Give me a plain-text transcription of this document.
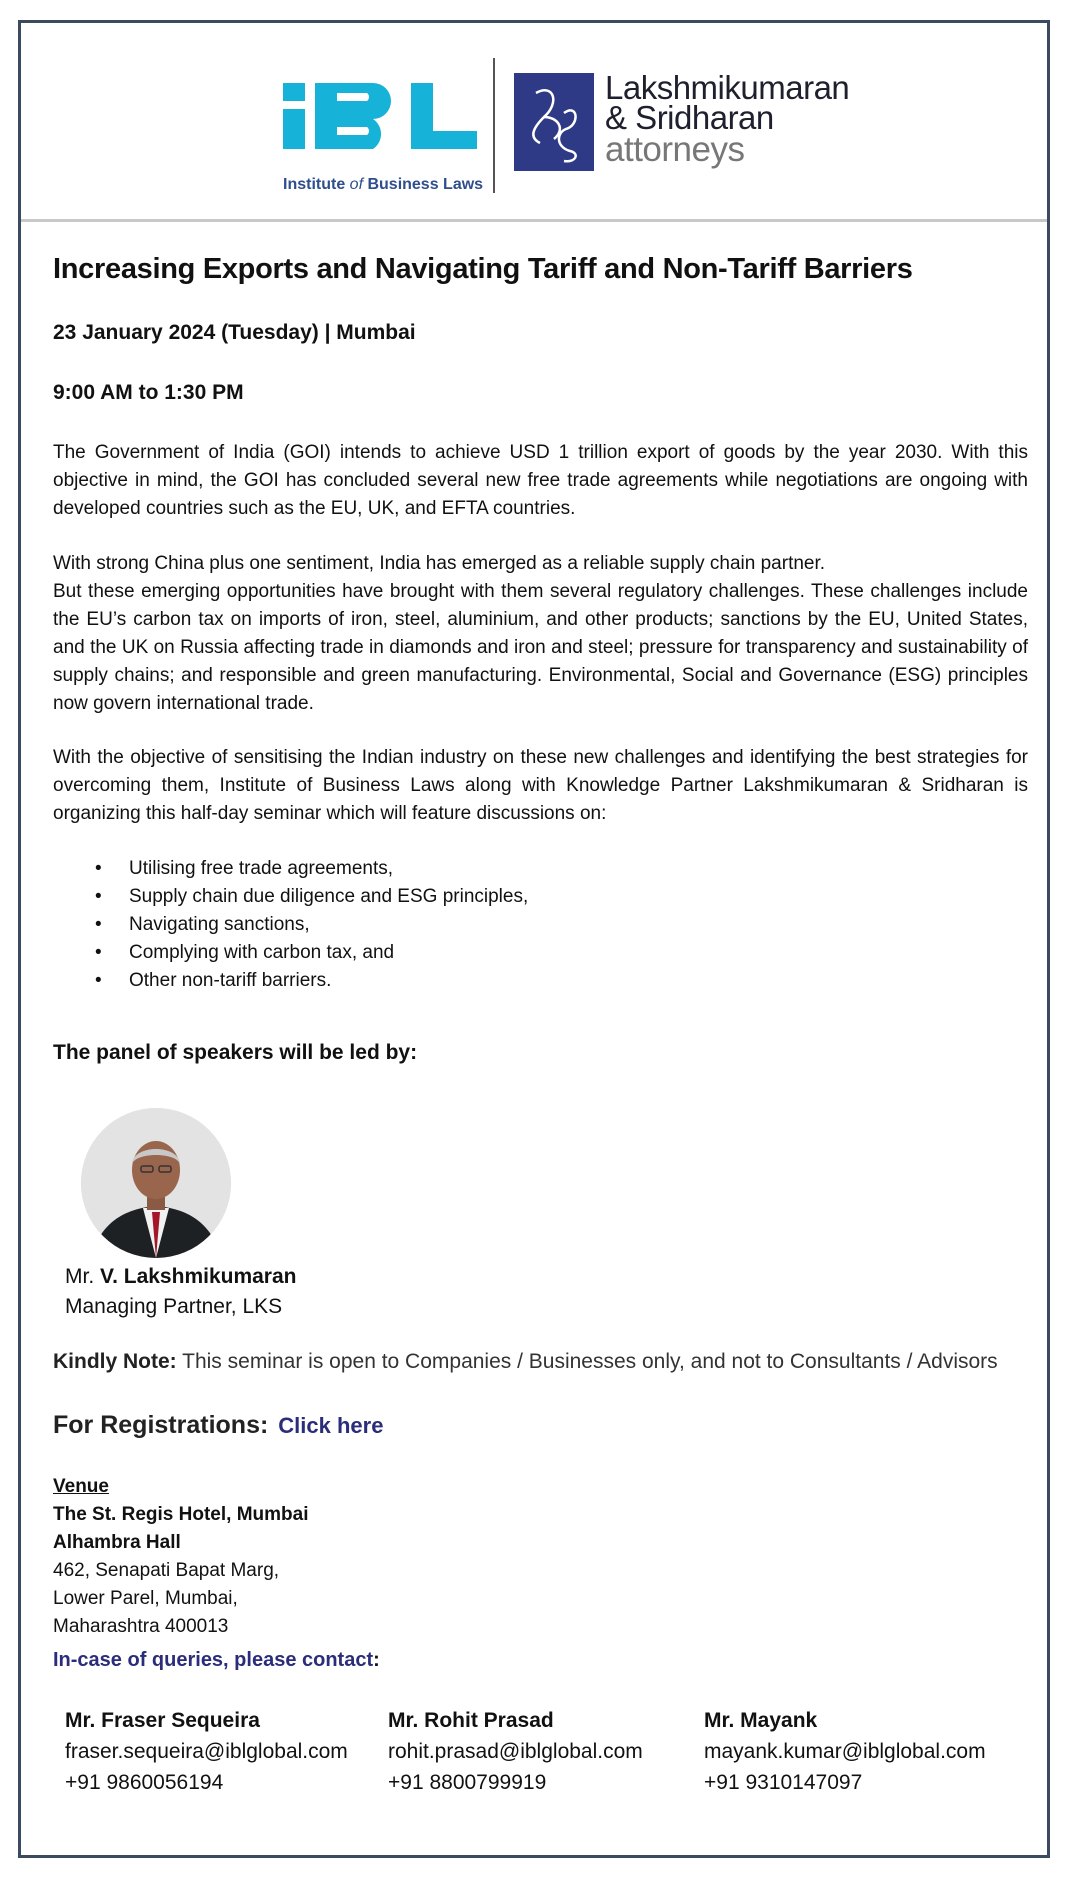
Institute of Business Laws
Lakshmikumaran
& Sridharan
attorneys
Increasing Exports and Navigating Tariff and Non-Tariff Barriers
23 January 2024 (Tuesday) | Mumbai
9:00 AM to 1:30 PM
The Government of India (GOI) intends to achieve USD 1 trillion export of goods by the year 2030. With this objective in mind, the GOI has concluded several new free trade agreements while negotiations are ongoing with developed countries such as the EU, UK, and EFTA countries.
With strong China plus one sentiment, India has emerged as a reliable supply chain partner.
But these emerging opportunities have brought with them several regulatory challenges. These challenges include the EU’s carbon tax on imports of iron, steel, aluminium, and other products; sanctions by the EU, United States, and the UK on Russia affecting trade in diamonds and iron and steel; pressure for transparency and sustainability of supply chains; and responsible and green manufacturing. Environmental, Social and Governance (ESG) principles now govern international trade.
With the objective of sensitising the Indian industry on these new challenges and identifying the best strategies for overcoming them, Institute of Business Laws along with Knowledge Partner Lakshmikumaran & Sridharan is organizing this half-day seminar which will feature discussions on:
• Utilising free trade agreements,
• Supply chain due diligence and ESG principles,
• Navigating sanctions,
• Complying with carbon tax, and
• Other non-tariff barriers.
The panel of speakers will be led by:
Mr. V. Lakshmikumaran
Managing Partner, LKS
Kindly Note: This seminar is open to Companies / Businesses only, and not to Consultants / Advisors
For Registrations: Click here
Venue
The St. Regis Hotel, Mumbai
Alhambra Hall
462, Senapati Bapat Marg,
Lower Parel, Mumbai,
Maharashtra 400013
In-case of queries, please contact:
Mr. Fraser Sequeira
fraser.sequeira@iblglobal.com
+91 9860056194
Mr. Rohit Prasad
rohit.prasad@iblglobal.com
+91 8800799919
Mr. Mayank
mayank.kumar@iblglobal.com
+91 9310147097
